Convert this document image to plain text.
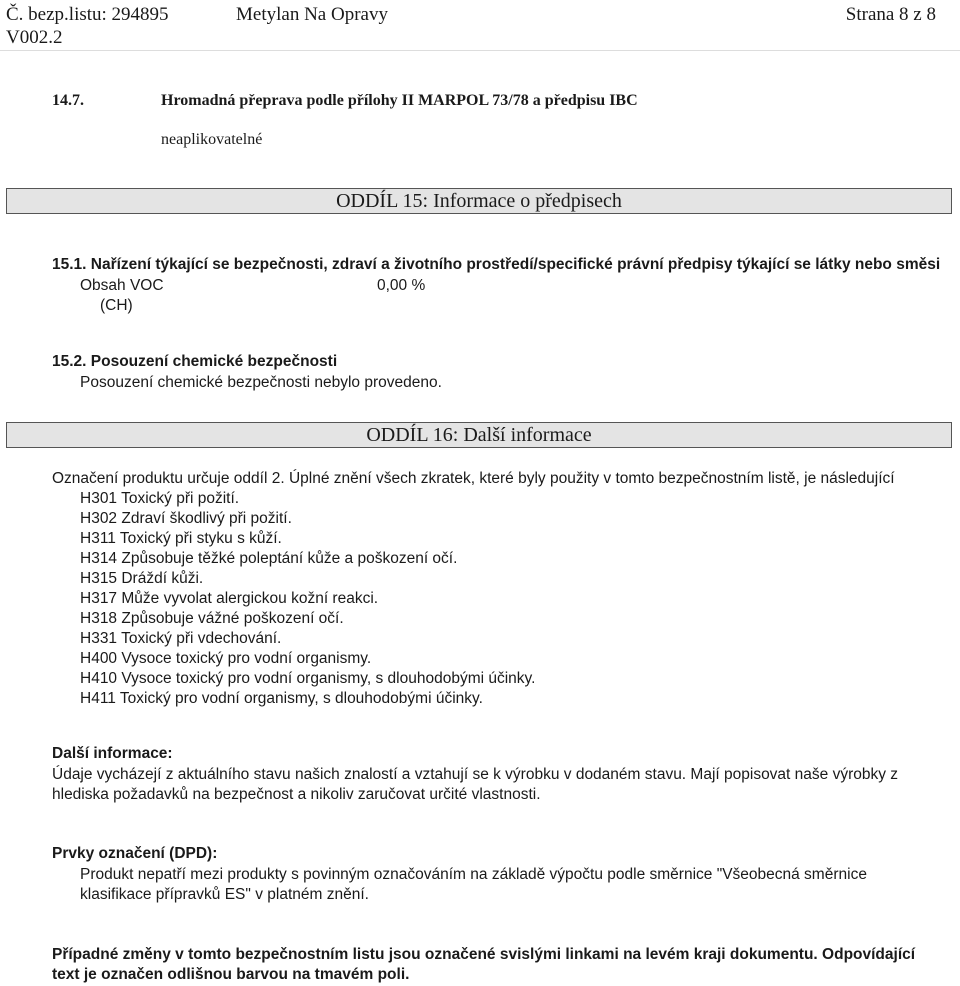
Č. bezp.listu: 294895	Metylan Na Opravy	Strana 8 z 8
V002.2
14.7.	Hromadná přeprava podle přílohy II MARPOL 73/78 a předpisu IBC
neaplikovatelné
ODDÍL 15: Informace o předpisech
15.1. Nařízení týkající se bezpečnosti, zdraví a životního prostředí/specifické právní předpisy týkající se látky nebo směsi
Obsah VOC	0,00 %
(CH)
15.2. Posouzení chemické bezpečnosti
Posouzení chemické bezpečnosti nebylo provedeno.
ODDÍL 16: Další informace
Označení produktu určuje oddíl 2. Úplné znění všech zkratek, které byly použity v tomto bezpečnostním listě, je následující
H301 Toxický při požití.
H302 Zdraví škodlivý při požití.
H311 Toxický při styku s kůží.
H314 Způsobuje těžké poleptání kůže a poškození očí.
H315 Dráždí kůži.
H317 Může vyvolat alergickou kožní reakci.
H318 Způsobuje vážné poškození očí.
H331 Toxický při vdechování.
H400 Vysoce toxický pro vodní organismy.
H410 Vysoce toxický pro vodní organismy, s dlouhodobými účinky.
H411 Toxický pro vodní organismy, s dlouhodobými účinky.
Další informace:
Údaje vycházejí z aktuálního stavu našich znalostí a vztahují se k výrobku v dodaném stavu. Mají popisovat naše výrobky z
hlediska požadavků na bezpečnost a nikoliv zaručovat určité vlastnosti.
Prvky označení (DPD):
Produkt nepatří mezi produkty s povinným označováním na základě výpočtu podle směrnice "Všeobecná směrnice
klasifikace přípravků ES" v platném znění.
Případné změny v tomto bezpečnostním listu jsou označené svislými linkami na levém kraji dokumentu. Odpovídající
text je označen odlišnou barvou na tmavém poli.
